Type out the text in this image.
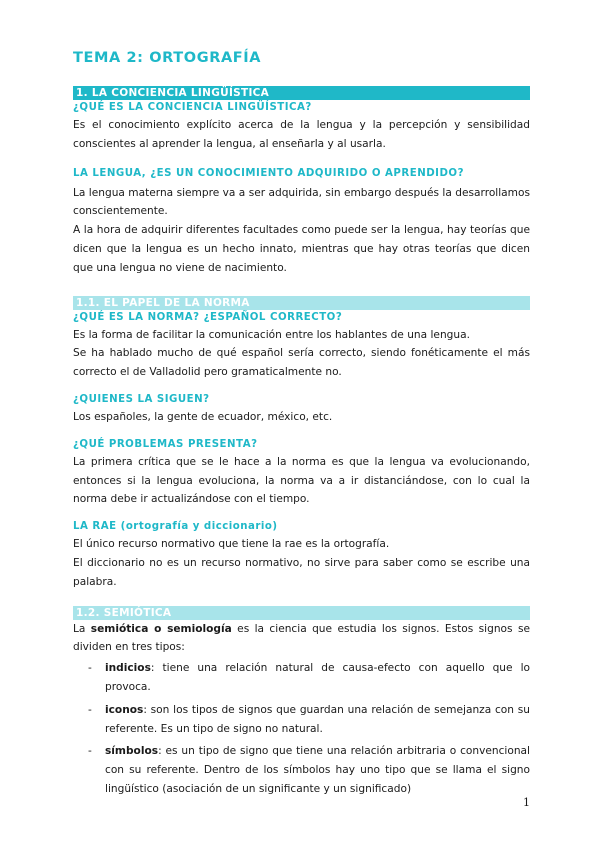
TEMA 2: ORTOGRAFÍA
1. LA CONCIENCIA LINGÜÍSTICA
¿QUÉ ES LA CONCIENCIA LINGÜÍSTICA?

Es el conocimiento explícito acerca de la lengua y la percepción y sensibilidad conscientes al aprender la lengua, al enseñarla y al usarla.

LA LENGUA, ¿ES UN CONOCIMIENTO ADQUIRIDO O APRENDIDO?

La lengua materna siempre va a ser adquirida, sin embargo después la desarrollamos conscientemente.

A la hora de adquirir diferentes facultades como puede ser la lengua, hay teorías que dicen que la lengua es un hecho innato, mientras que hay otras teorías que dicen que una lengua no viene de nacimiento.

1.1. EL PAPEL DE LA NORMA
¿QUÉ ES LA NORMA? ¿ESPAÑOL CORRECTO?

Es la forma de facilitar la comunicación entre los hablantes de una lengua.

Se ha hablado mucho de qué español sería correcto, siendo fonéticamente el más correcto el de Valladolid pero gramaticalmente no.

¿QUIENES LA SIGUEN?

Los españoles, la gente de ecuador, méxico, etc.

¿QUÉ PROBLEMAS PRESENTA?

La primera crítica que se le hace a la norma es que la lengua va evolucionando, entonces si la lengua evoluciona, la norma va a ir distanciándose, con lo cual la norma debe ir actualizándose con el tiempo.

LA RAE (ortografía y diccionario)

El único recurso normativo que tiene la rae es la ortografía.

El diccionario no es un recurso normativo, no sirve para saber como se escribe una palabra.

1.2. SEMIÓTICA

La semiótica o semiología es la ciencia que estudia los signos. Estos signos se dividen en tres tipos:

- indicios: tiene una relación natural de causa-efecto con aquello que lo provoca.
- iconos: son los tipos de signos que guardan una relación de semejanza con su referente. Es un tipo de signo no natural.
- símbolos: es un tipo de signo que tiene una relación arbitraria o convencional con su referente. Dentro de los símbolos hay uno tipo que se llama el signo lingüístico (asociación de un significante y un significado)
1
